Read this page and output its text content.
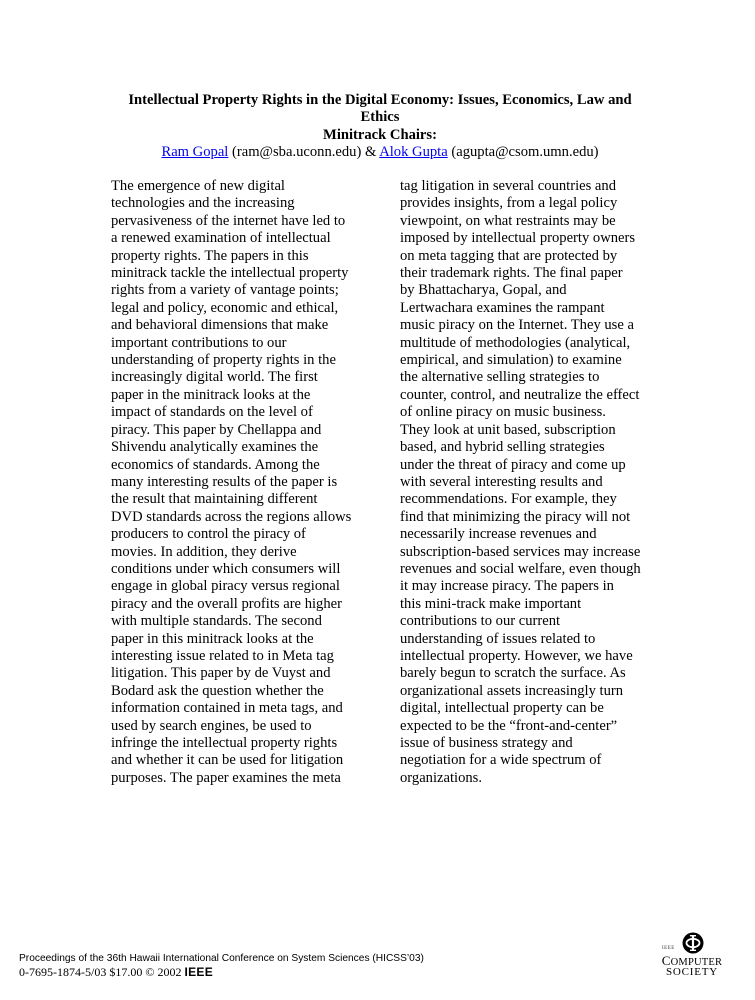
Intellectual Property Rights in the Digital Economy: Issues, Economics, Law and
Ethics
Minitrack Chairs:
Ram Gopal (ram@sba.uconn.edu) & Alok Gupta (agupta@csom.umn.edu)
The emergence of new digital
technologies and the increasing
pervasiveness of the internet have led to
a renewed examination of intellectual
property rights. The papers in this
minitrack tackle the intellectual property
rights from a variety of vantage points;
legal and policy, economic and ethical,
and behavioral dimensions that make
important contributions to our
understanding of property rights in the
increasingly digital world. The first
paper in the minitrack looks at the
impact of standards on the level of
piracy. This paper by Chellappa and
Shivendu analytically examines the
economics of standards. Among the
many interesting results of the paper is
the result that maintaining different
DVD standards across the regions allows
producers to control the piracy of
movies. In addition, they derive
conditions under which consumers will
engage in global piracy versus regional
piracy and the overall profits are higher
with multiple standards. The second
paper in this minitrack looks at the
interesting issue related to in Meta tag
litigation. This paper by de Vuyst and
Bodard ask the question whether the
information contained in meta tags, and
used by search engines, be used to
infringe the intellectual property rights
and whether it can be used for litigation
purposes. The paper examines the meta
tag litigation in several countries and
provides insights, from a legal policy
viewpoint, on what restraints may be
imposed by intellectual property owners
on meta tagging that are protected by
their trademark rights. The final paper
by Bhattacharya, Gopal, and
Lertwachara examines the rampant
music piracy on the Internet. They use a
multitude of methodologies (analytical,
empirical, and simulation) to examine
the alternative selling strategies to
counter, control, and neutralize the effect
of online piracy on music business.
They look at unit based, subscription
based, and hybrid selling strategies
under the threat of piracy and come up
with several interesting results and
recommendations. For example, they
find that minimizing the piracy will not
necessarily increase revenues and
subscription-based services may increase
revenues and social welfare, even though
it may increase piracy. The papers in
this mini-track make important
contributions to our current
understanding of issues related to
intellectual property. However, we have
barely begun to scratch the surface. As
organizational assets increasingly turn
digital, intellectual property can be
expected to be the “front-and-center”
issue of business strategy and
negotiation for a wide spectrum of
organizations.
Proceedings of the 36th Hawaii International Conference on System Sciences (HICSS’03)
0-7695-1874-5/03 $17.00 © 2002 IEEE
IEEE
COMPUTER
SOCIETY
